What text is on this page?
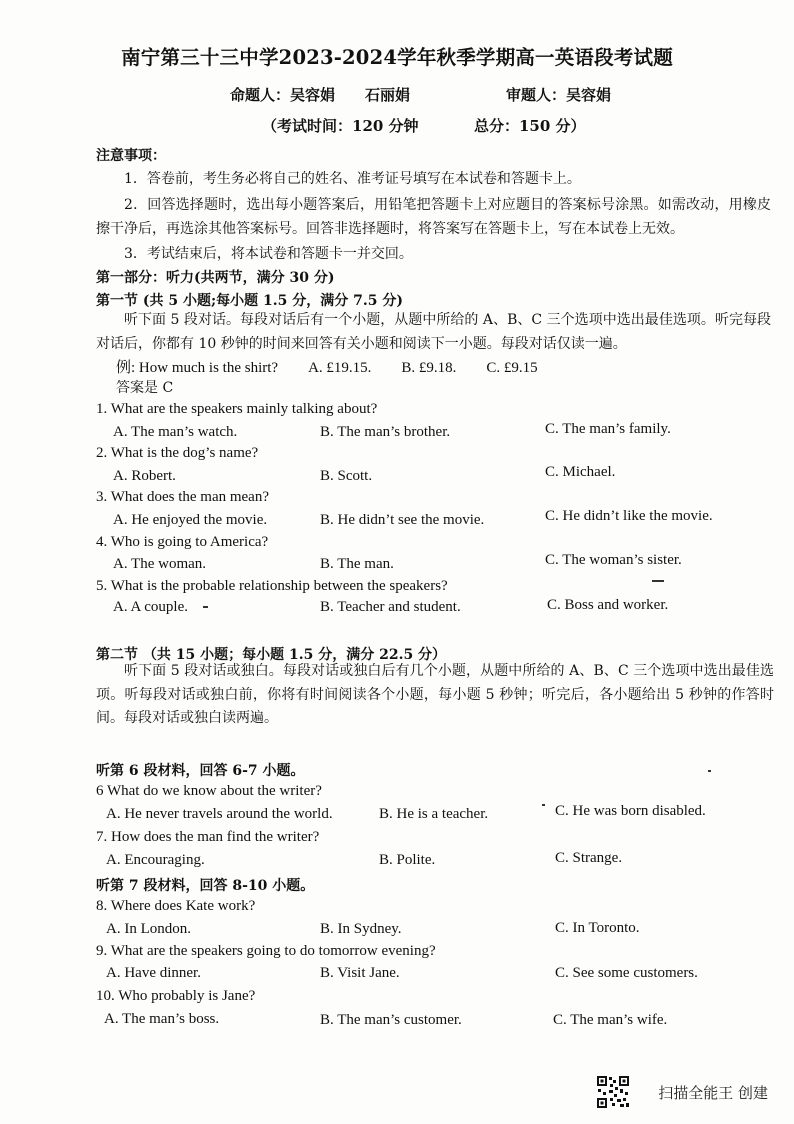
南宁第三十三中学2023-2024学年秋季学期高一英语段考试题
命题人：吴容娟　　石丽娟	审题人：吴容娟
（考试时间：120 分钟	总分：150 分）
注意事项：
1．答卷前，考生务必将自己的姓名、准考证号填写在本试卷和答题卡上。
2．回答选择题时，选出每小题答案后，用铅笔把答题卡上对应题目的答案标号涂黑。如需改动，用橡皮擦干净后，再选涂其他答案标号。回答非选择题时，将答案写在答题卡上，写在本试卷上无效。
3．考试结束后，将本试卷和答题卡一并交回。
第一部分：听力(共两节，满分 30 分)
第一节 (共 5 小题;每小题 1.5 分，满分 7.5 分)
听下面 5 段对话。每段对话后有一个小题，从题中所给的 A、B、C 三个选项中选出最佳选项。听完每段对话后，你都有 10 秒钟的时间来回答有关小题和阅读下一小题。每段对话仅读一遍。
例: How much is the shirt?　　A. £19.15.　　B. £9.18.　　C. £9.15
答案是 C
1. What are the speakers mainly talking about?
A. The man’s watch.	B. The man’s brother.	C. The man’s family.
2. What is the dog’s name?
A. Robert.	B. Scott.	C. Michael.
3. What does the man mean?
A. He enjoyed the movie.	B. He didn’t see the movie.	C. He didn’t like the movie.
4. Who is going to America?
A. The woman.	B. The man.	C. The woman’s sister.
5. What is the probable relationship between the speakers?
A. A couple.	B. Teacher and student.	C. Boss and worker.
第二节 （共 15 小题；每小题 1.5 分，满分 22.5 分）
听下面 5 段对话或独白。每段对话或独白后有几个小题，从题中所给的 A、B、C 三个选项中选出最佳选项。听每段对话或独白前，你将有时间阅读各个小题，每小题 5 秒钟；听完后，各小题给出 5 秒钟的作答时间。每段对话或独白读两遍。
听第 6 段材料，回答 6-7 小题。
6 What do we know about the writer?
A. He never travels around the world.	B. He is a teacher.	C. He was born disabled.
7. How does the man find the writer?
A. Encouraging.	B. Polite.	C. Strange.
听第 7 段材料，回答 8-10 小题。
8. Where does Kate work?
A. In London.	B. In Sydney.	C. In Toronto.
9. What are the speakers going to do tomorrow evening?
A. Have dinner.	B. Visit Jane.	C. See some customers.
10. Who probably is Jane?
A. The man’s boss.	B. The man’s customer.	C. The man’s wife.
扫描全能王 创建
